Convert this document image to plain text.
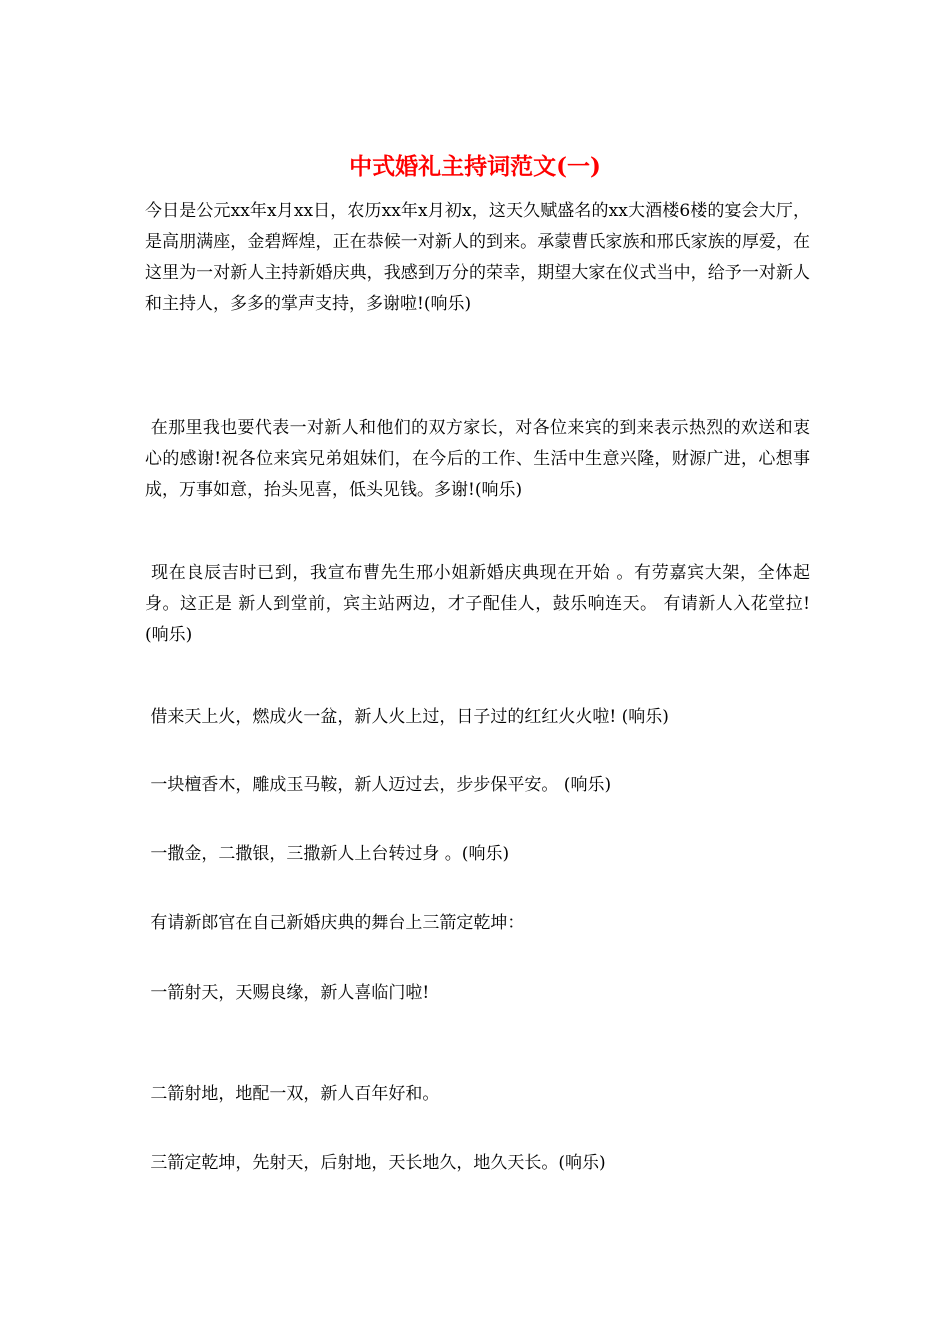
中式婚礼主持词范文(一)

今日是公元xx年x月xx日，农历xx年x月初x，这天久赋盛名的xx大酒楼6楼的宴会大厅，是高朋满座，金碧辉煌，正在恭候一对新人的到来。承蒙曹氏家族和邢氏家族的厚爱，在这里为一对新人主持新婚庆典，我感到万分的荣幸，期望大家在仪式当中，给予一对新人和主持人，多多的掌声支持，多谢啦!(响乐)

在那里我也要代表一对新人和他们的双方家长，对各位来宾的到来表示热烈的欢送和衷心的感谢!祝各位来宾兄弟姐妹们，在今后的工作、生活中生意兴隆，财源广进，心想事成，万事如意，抬头见喜，低头见钱。多谢!(响乐)

现在良辰吉时已到，我宣布曹先生邢小姐新婚庆典现在开始 。有劳嘉宾大架，全体起身。这正是 新人到堂前，宾主站两边，才子配佳人，鼓乐响连天。 有请新人入花堂拉!(响乐)

借来天上火，燃成火一盆，新人火上过，日子过的红红火火啦! (响乐)

一块檀香木，雕成玉马鞍，新人迈过去，步步保平安。 (响乐)

一撒金，二撒银，三撒新人上台转过身 。(响乐)

有请新郎官在自己新婚庆典的舞台上三箭定乾坤：

一箭射天，天赐良缘，新人喜临门啦!

二箭射地，地配一双，新人百年好和。

三箭定乾坤，先射天，后射地，天长地久，地久天长。(响乐)
